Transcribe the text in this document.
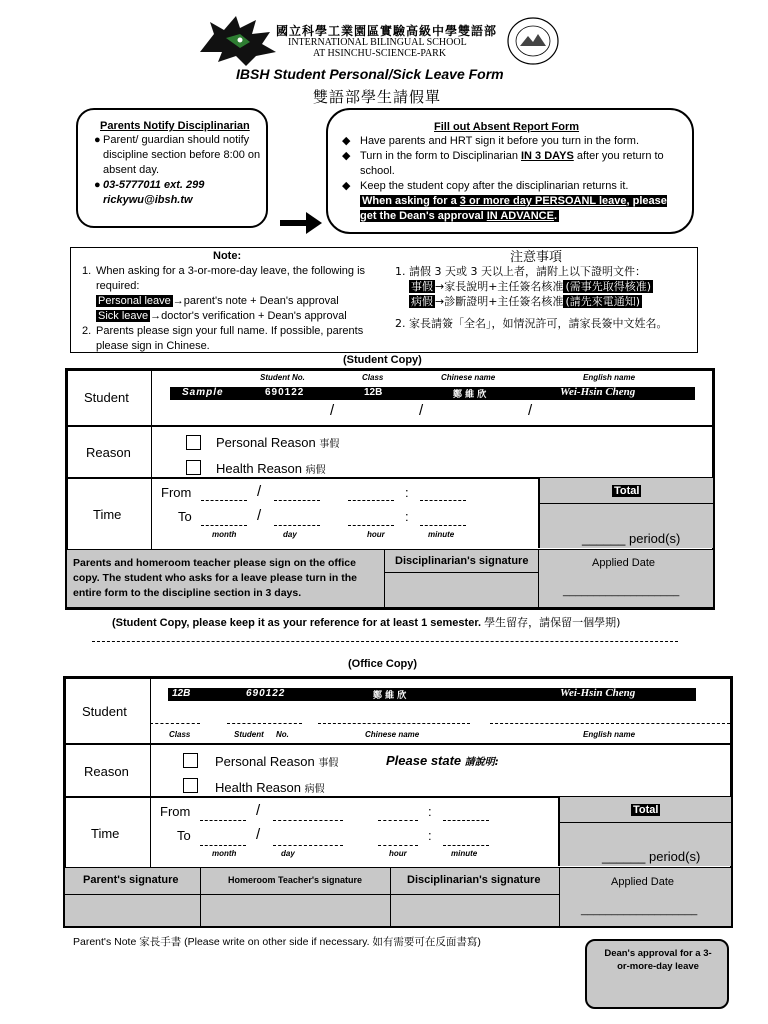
國立科學工業園區實驗高級中學雙語部
INTERNATIONAL BILINGUAL SCHOOL
AT HSINCHU-SCIENCE-PARK
IBSH Student Personal/Sick Leave Form
雙語部學生請假單
Parents Notify Disciplinarian
● Parent/ guardian should notify discipline section before 8:00 on absent day.
● 03-5777011 ext. 299
rickywu@ibsh.tw
Fill out Absent Report Form
◆ Have parents and HRT sign it before you turn in the form.
◆ Turn in the form to Disciplinarian IN 3 DAYS after you return to school.
◆ Keep the student copy after the disciplinarian returns it.
When asking for a 3 or more day PERSOANL leave, please get the Dean's approval IN ADVANCE.
Note:	注意事項
1. When asking for a 3-or-more-day leave, the following is required:
Personal leave →parent's note + Dean's approval
Sick leave →doctor's verification + Dean's approval
2. Parents please sign your full name. If possible, parents please sign in Chinese.
1. 請假 3 天或 3 天以上者，請附上以下證明文件：
事假 →家長說明+主任簽名核准 (需事先取得核准)
病假 →診斷證明+主任簽名核准 (請先來電通知)
2. 家長請簽「全名」，如情況許可，請家長簽中文姓名。
(Student Copy)
Student
Student No.	Class	Chinese name	English name
Sample	690122	12B	鄭 維 欣	Wei-Hsin Cheng
/	/	/
Reason
Personal Reason 事假
Health Reason 病假
Time
From
To
/	:
/	:
month	day	hour	minute
Total
______ period(s)
Parents and homeroom teacher please sign on the office copy. The student who asks for a leave please turn in the entire form to the discipline section in 3 days.
Disciplinarian's signature	Applied Date
___________________
(Student Copy, please keep it as your reference for at least 1 semester. 學生留存，請保留一個學期)
(Office Copy)
Student
12B	690122	鄭 維 欣	Wei-Hsin Cheng
Class	Student No.	Chinese name	English name
Reason
Personal Reason 事假	Please state 請說明:
Health Reason 病假
Time
From
To
/	:
/	:
month	day	hour	minute
Total
______ period(s)
Parent's signature	Homeroom Teacher's signature	Disciplinarian's signature	Applied Date
___________________
Parent's Note 家長手書 (Please write on other side if necessary. 如有需要可在反面書寫)
Dean's approval for a 3-or-more-day leave
